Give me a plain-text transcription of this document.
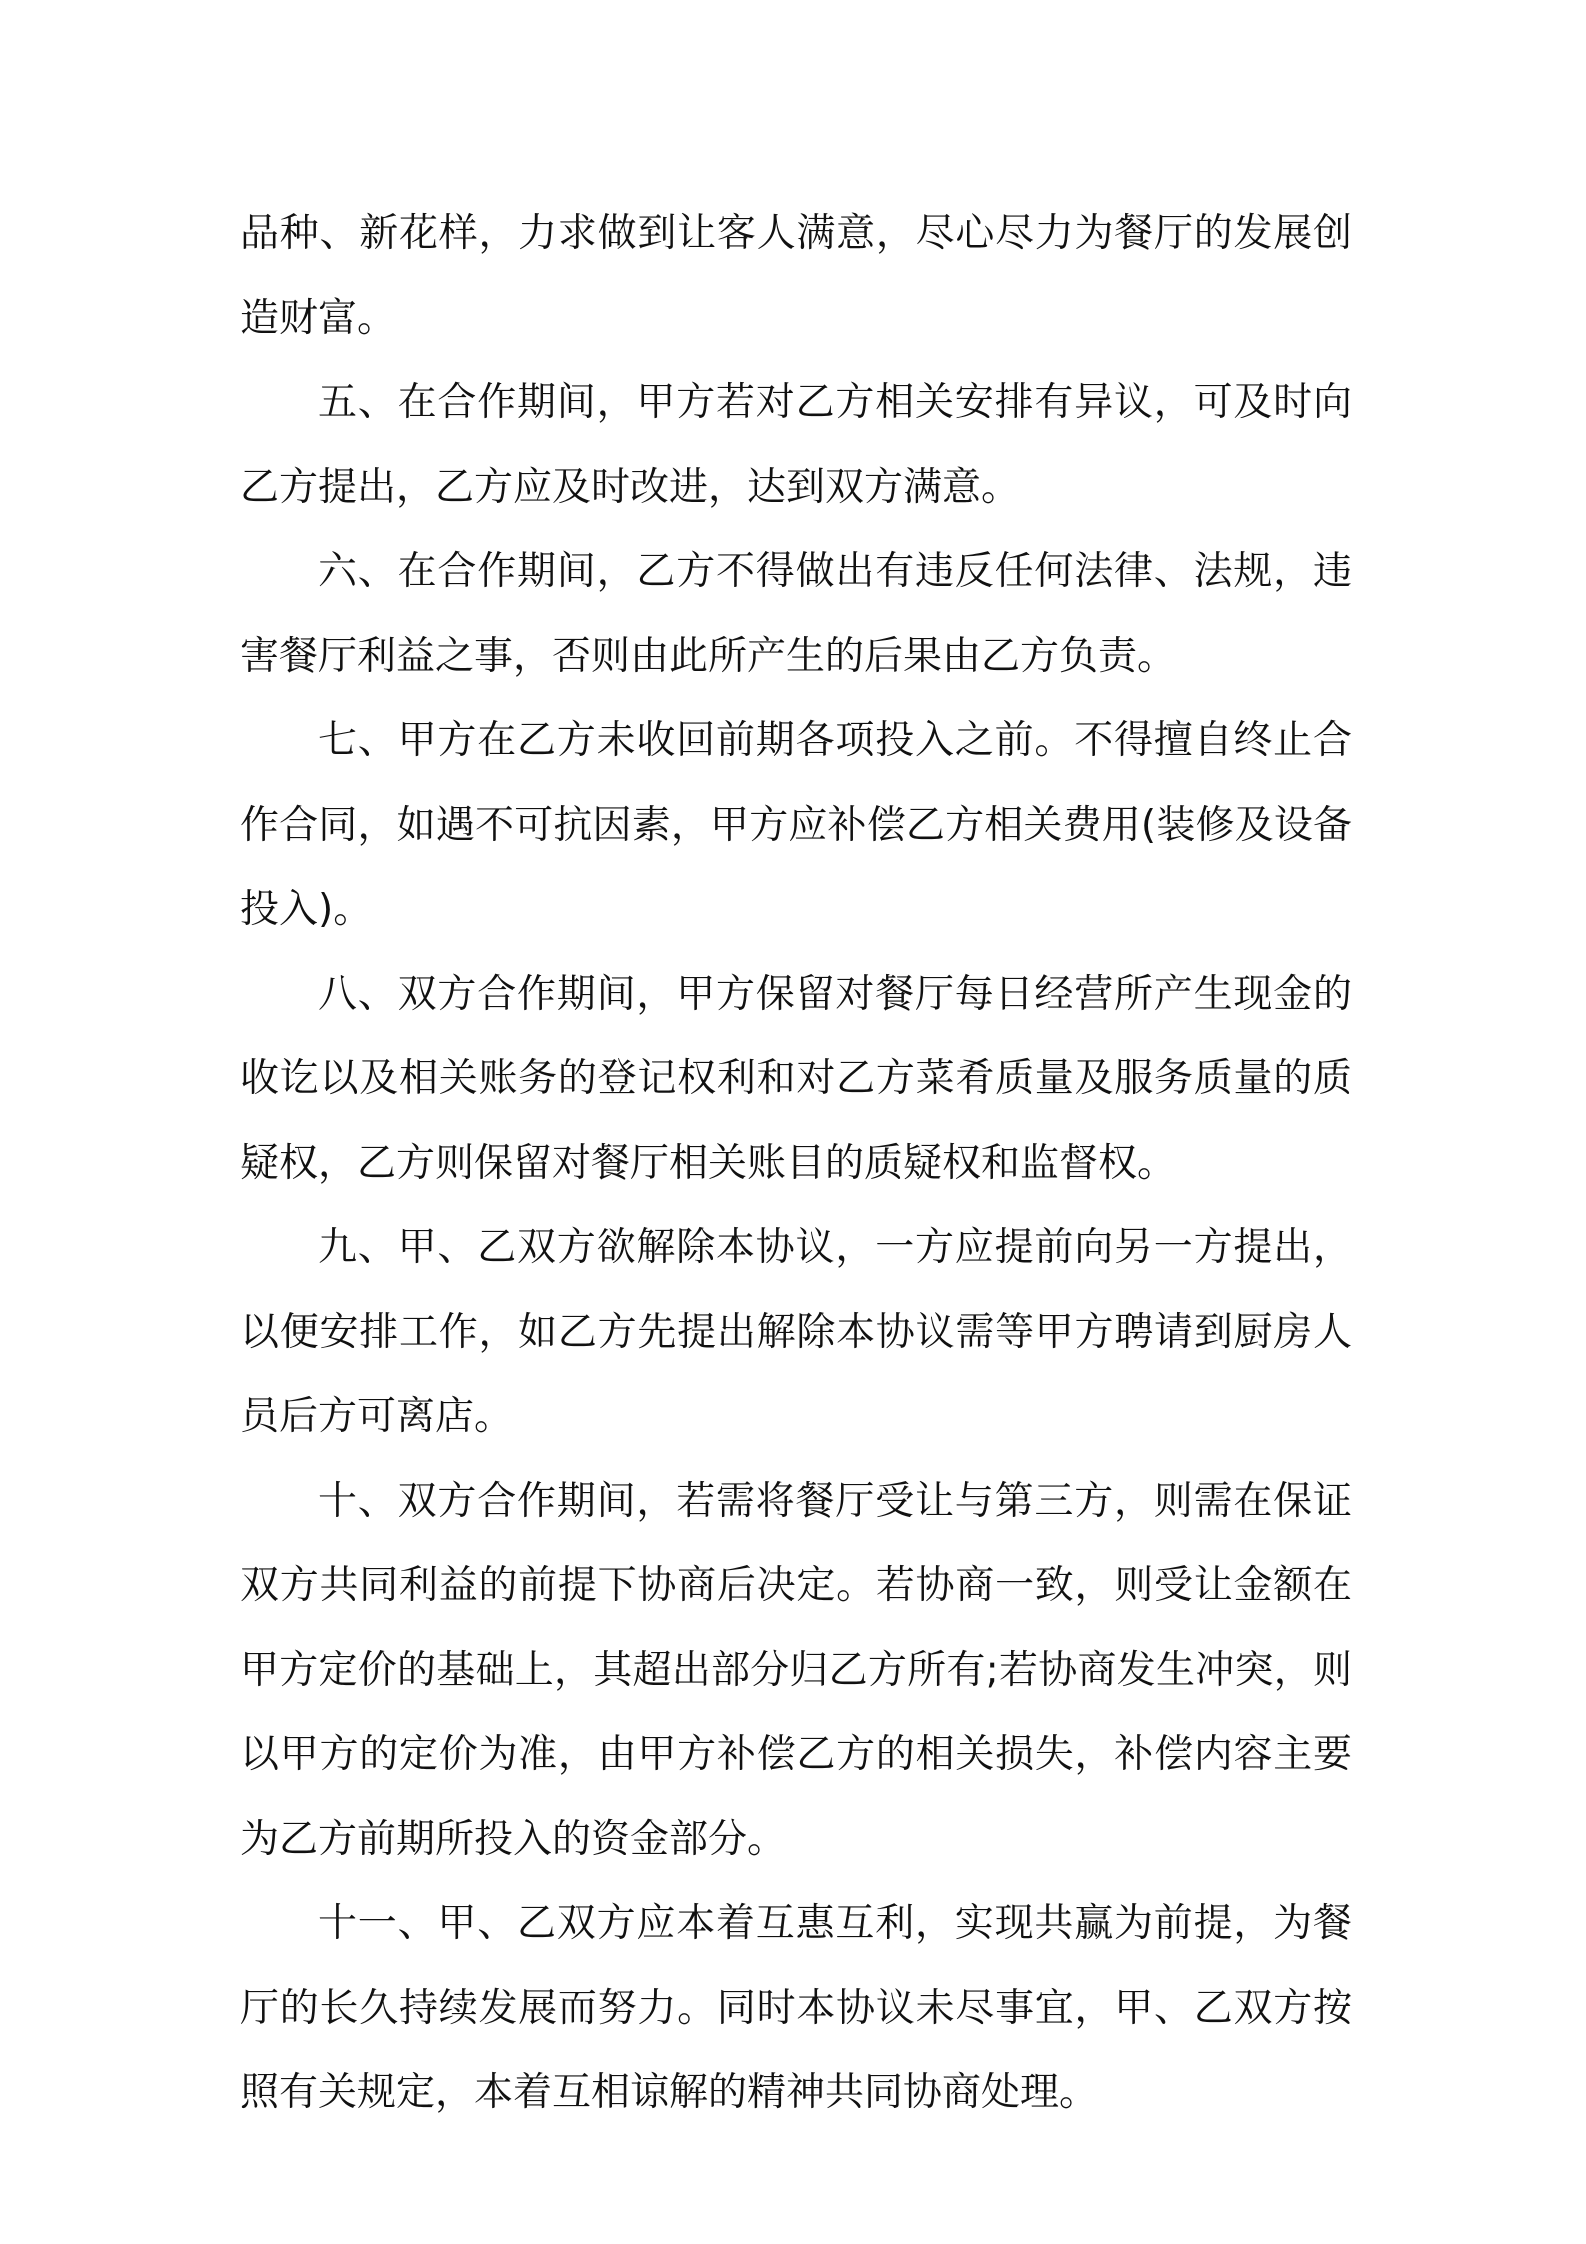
品种、新花样，力求做到让客人满意，尽心尽力为餐厅的发展创造财富。

五、在合作期间，甲方若对乙方相关安排有异议，可及时向乙方提出，乙方应及时改进，达到双方满意。

六、在合作期间，乙方不得做出有违反任何法律、法规，违害餐厅利益之事，否则由此所产生的后果由乙方负责。

七、甲方在乙方未收回前期各项投入之前。不得擅自终止合作合同，如遇不可抗因素，甲方应补偿乙方相关费用(装修及设备投入)。

八、双方合作期间，甲方保留对餐厅每日经营所产生现金的收讫以及相关账务的登记权利和对乙方菜肴质量及服务质量的质疑权，乙方则保留对餐厅相关账目的质疑权和监督权。

九、甲、乙双方欲解除本协议，一方应提前向另一方提出，以便安排工作，如乙方先提出解除本协议需等甲方聘请到厨房人员后方可离店。

十、双方合作期间，若需将餐厅受让与第三方，则需在保证双方共同利益的前提下协商后决定。若协商一致，则受让金额在甲方定价的基础上，其超出部分归乙方所有;若协商发生冲突，则以甲方的定价为准，由甲方补偿乙方的相关损失，补偿内容主要为乙方前期所投入的资金部分。

十一、甲、乙双方应本着互惠互利，实现共赢为前提，为餐厅的长久持续发展而努力。同时本协议未尽事宜，甲、乙双方按照有关规定，本着互相谅解的精神共同协商处理。
